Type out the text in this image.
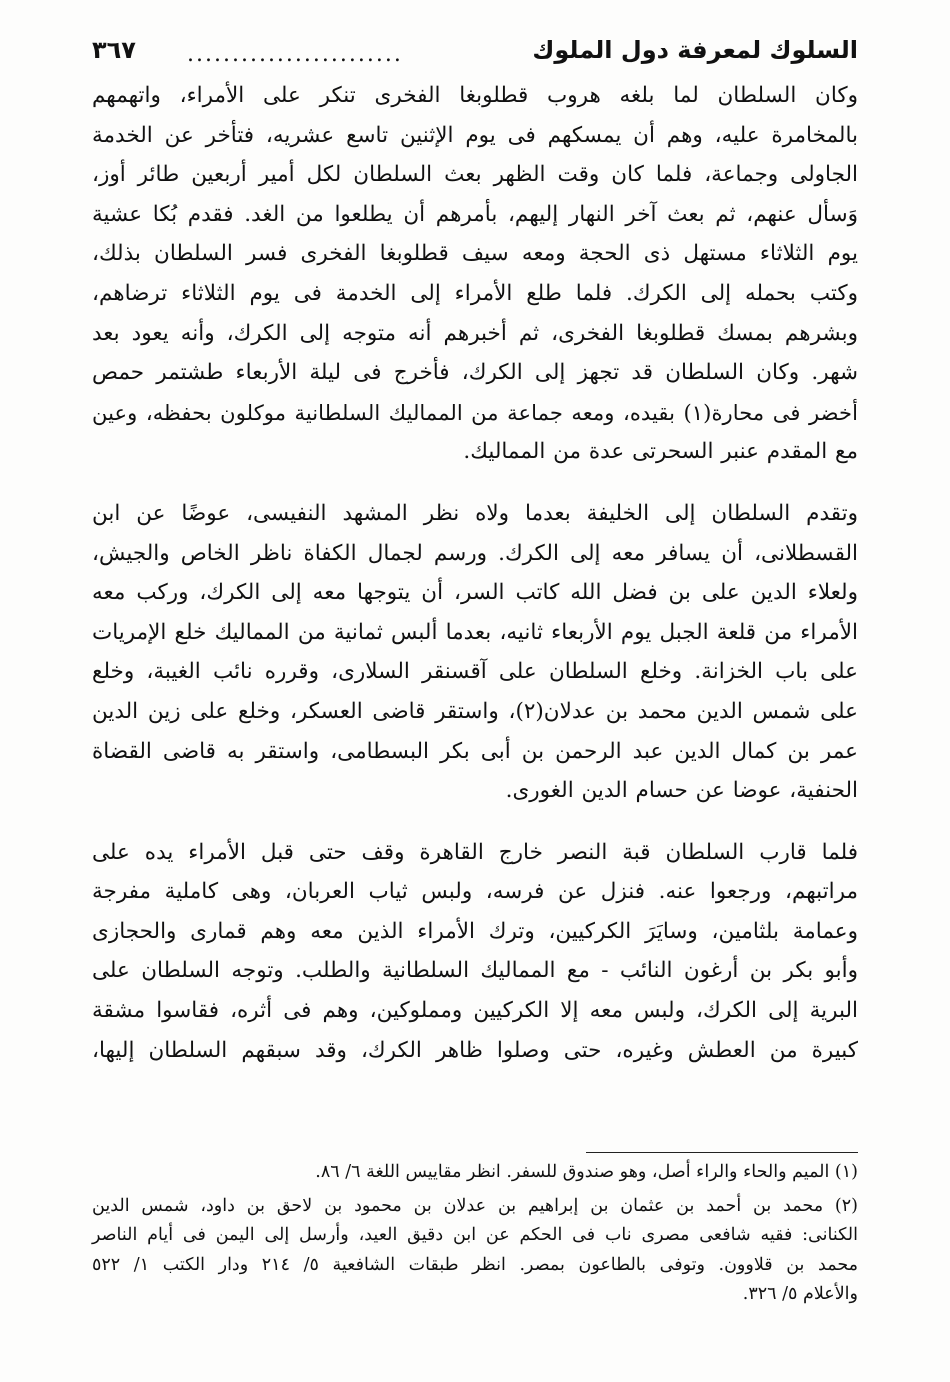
٣٦٧ ........................	السلوك لمعرفة دول الملوك

وكان السلطان لما بلغه هروب قطلوبغا الفخرى تنكر على الأمراء، واتهمهم
بالمخامرة عليه، وهم أن يمسكهم فى يوم الإثنين تاسع عشريه، فتأخر عن الخدمة
الجاولى وجماعة، فلما كان وقت الظهر بعث السلطان لكل أمير أربعين طائر أوز،
وَسأل عنهم، ثم بعث آخر النهار إليهم، بأمرهم أن يطلعوا من الغد. فقدم بُكا عشية
يوم الثلاثاء مستهل ذى الحجة ومعه سيف قطلوبغا الفخرى فسر السلطان بذلك،
وكتب بحمله إلى الكرك. فلما طلع الأمراء إلى الخدمة فى يوم الثلاثاء ترضاهم،
وبشرهم بمسك قطلوبغا الفخرى، ثم أخبرهم أنه متوجه إلى الكرك، وأنه يعود بعد
شهر. وكان السلطان قد تجهز إلى الكرك، فأخرج فى ليلة الأربعاء طشتمر حمص
أخضر فى محارة(١) بقيده، ومعه جماعة من المماليك السلطانية موكلون بحفظه، وعين
مع المقدم عنبر السحرتى عدة من المماليك.

وتقدم السلطان إلى الخليفة بعدما ولاه نظر المشهد النفيسى، عوضًا عن ابن
القسطلانى، أن يسافر معه إلى الكرك. ورسم لجمال الكفاة ناظر الخاص والجيش،
ولعلاء الدين على بن فضل الله كاتب السر، أن يتوجها معه إلى الكرك، وركب معه
الأمراء من قلعة الجبل يوم الأربعاء ثانيه، بعدما ألبس ثمانية من المماليك خلع الإمريات
على باب الخزانة. وخلع السلطان على آقسنقر السلارى، وقرره نائب الغيبة، وخلع
على شمس الدين محمد بن عدلان(٢)، واستقر قاضى العسكر، وخلع على زين الدين
عمر بن كمال الدين عبد الرحمن بن أبى بكر البسطامى، واستقر به قاضى القضاة
الحنفية، عوضا عن حسام الدين الغورى.

فلما قارب السلطان قبة النصر خارج القاهرة وقف حتى قبل الأمراء يده على
مراتبهم، ورجعوا عنه. فنزل عن فرسه، ولبس ثياب العربان، وهى كاملية مفرجة
وعمامة بلثامين، وسايَرَ الكركيين، وترك الأمراء الذين معه وهم قمارى والحجازى
وأبو بكر بن أرغون النائب - مع المماليك السلطانية والطلب. وتوجه السلطان على
البرية إلى الكرك، ولبس معه إلا الكركيين ومملوكين، وهم فى أثره، فقاسوا مشقة
كبيرة من العطش وغيره، حتى وصلوا ظاهر الكرك، وقد سبقهم السلطان إليها،

(١) الميم والحاء والراء أصل، وهو صندوق للسفر. انظر مقاييس اللغة ٦/ ٨٦.

(٢) محمد بن أحمد بن عثمان بن إبراهيم بن عدلان بن محمود بن لاحق بن داود، شمس الدين
الكنانى: فقيه شافعى مصرى ناب فى الحكم عن ابن دقيق العيد، وأرسل إلى اليمن فى أيام الناصر
محمد بن قلاوون. وتوفى بالطاعون بمصر. انظر طبقات الشافعية ٥/ ٢١٤ ودار الكتب ١/ ٥٢٢
والأعلام ٥/ ٣٢٦.
